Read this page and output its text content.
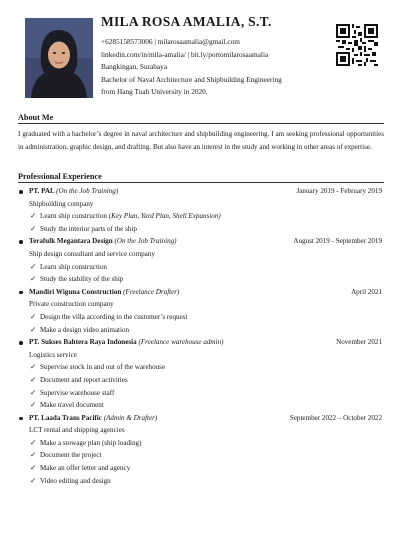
MILA ROSA AMALIA, S.T.
+6285158573006 | milarosaamalia@gmail.com
linkedin.com/in/mila-amalia/ | bit.ly/portomilarosaamalia
Bangkingan, Surabaya
Bachelor of Naval Architecture and Shipbuilding Engineering
from Hang Tuah University in 2020.
About Me
I graduated with a bachelor’s degree in naval architecture and shipbuilding engineering. I am seeking professional opportunities in administration, graphic design, and drafting. But also have an interest in the study and working in other areas of expertise.
Professional Experience
PT. PAL (On the Job Training)	January 2019 - February 2019
Shipbuilding company
✓ Learn ship construction (Key Plan, Yard Plan, Shell Expansion)
✓ Study the interior parts of the ship
Terafulk Megantara Design (On the Job Training)	August 2019 - September 2019
Ship design consultant and service company
✓ Learn ship construction
✓ Study the stability of the ship
Mandiri Wiguna Construction (Freelance Drafter)	April 2021
Private construction company
✓ Design the villa according to the customer’s request
✓ Make a design video animation
PT. Sukses Bahtera Raya Indonesia (Freelance warehouse admin)	November 2021
Logistics service
✓ Supervise stock in and out of the warehouse
✓ Document and report activities
✓ Supervise warehouse staff
✓ Make travel document
PT. Laada Trans Pacific (Admin & Drafter)	September 2022 – October 2022
LCT rental and shipping agencies
✓ Make a stowage plan (ship loading)
✓ Document the project
✓ Make an offer letter and agency
✓ Video editing and design
